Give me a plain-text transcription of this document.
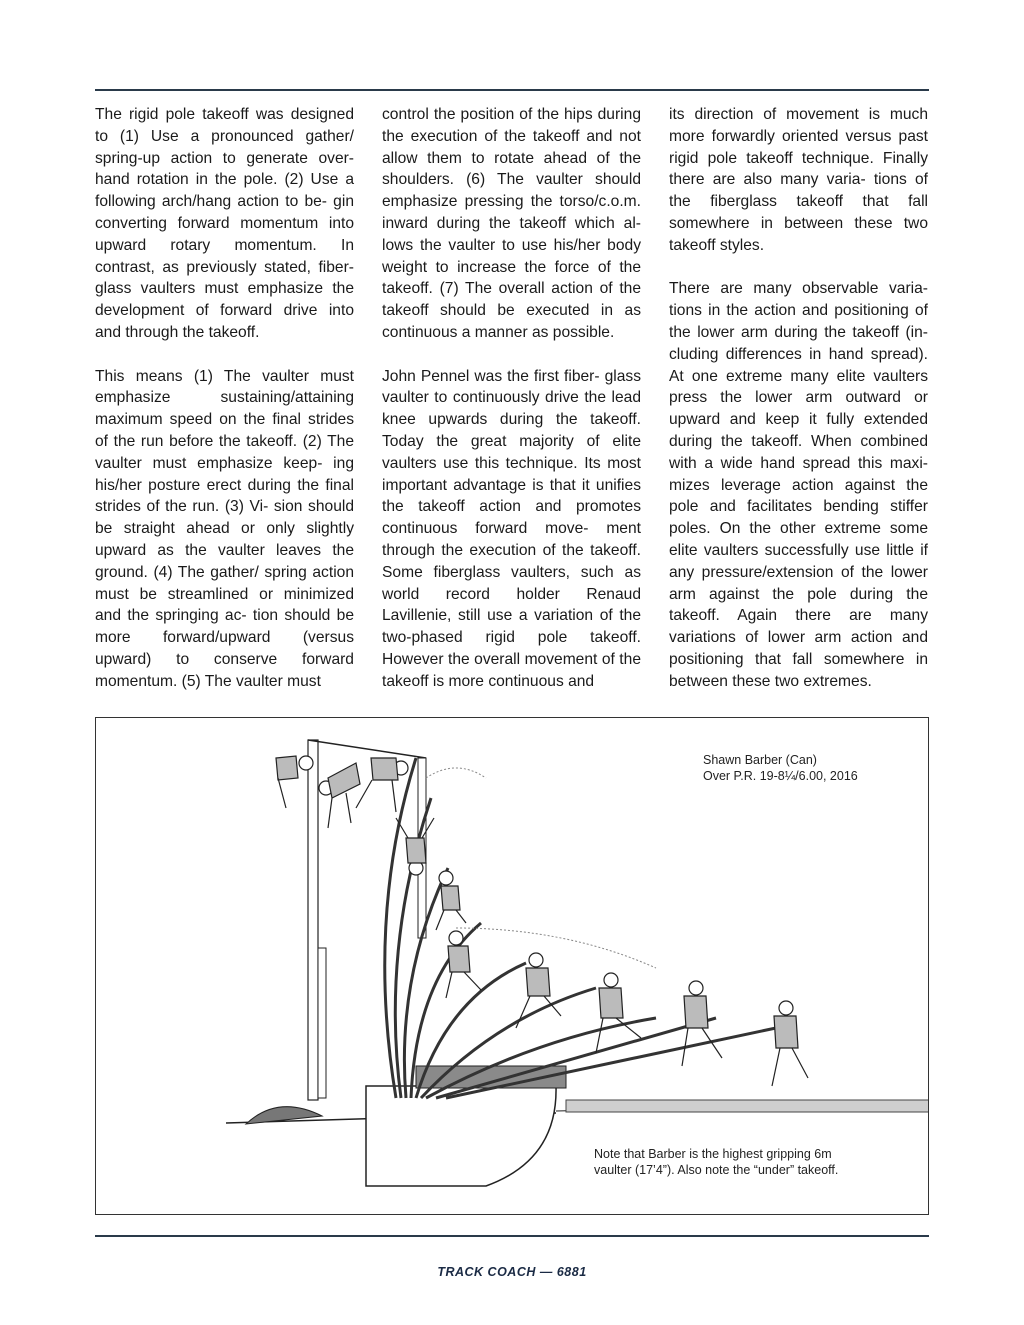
The rigid pole takeoff was designed to (1) Use a pronounced gather/ spring-up action to generate over- hand rotation in the pole. (2) Use a following arch/hang action to be- gin converting forward momentum into upward rotary momentum. In contrast, as previously stated, fiber- glass vaulters must emphasize the development of forward drive into and through the takeoff.

This means (1) The vaulter must emphasize sustaining/attaining maximum speed on the final strides of the run before the takeoff. (2) The vaulter must emphasize keep- ing his/her posture erect during the final strides of the run. (3) Vi- sion should be straight ahead or only slightly upward as the vaulter leaves the ground. (4) The gather/ spring action must be streamlined or minimized and the springing ac- tion should be more forward/upward (versus upward) to conserve forward momentum. (5) The vaulter must

control the position of the hips during the execution of the takeoff and not allow them to rotate ahead of the shoulders. (6) The vaulter should emphasize pressing the torso/c.o.m. inward during the takeoff which al- lows the vaulter to use his/her body weight to increase the force of the takeoff. (7) The overall action of the takeoff should be executed in as continuous a manner as possible.

John Pennel was the first fiber- glass vaulter to continuously drive the lead knee upwards during the takeoff. Today the great majority of elite vaulters use this technique. Its most important advantage is that it unifies the takeoff action and promotes continuous forward move- ment through the execution of the takeoff. Some fiberglass vaulters, such as world record holder Renaud Lavillenie, still use a variation of the two-phased rigid pole takeoff. However the overall movement of the takeoff is more continuous and

its direction of movement is much more forwardly oriented versus past rigid pole takeoff technique. Finally there are also many varia- tions of the fiberglass takeoff that fall somewhere in between these two takeoff styles.

There are many observable varia- tions in the action and positioning of the lower arm during the takeoff (in- cluding differences in hand spread). At one extreme many elite vaulters press the lower arm outward or upward and keep it fully extended during the takeoff. When combined with a wide hand spread this maxi- mizes leverage action against the pole and facilitates bending stiffer poles. On the other extreme some elite vaulters successfully use little if any pressure/extension of the lower arm against the pole during the takeoff. Again there are many variations of lower arm action and positioning that fall somewhere in between these two extremes.

Shawn Barber (Can)
Over P.R. 19-8¼/6.00, 2016
Note that Barber is the highest gripping 6m
vaulter (17’4”). Also note the “under” takeoff.
TRACK COACH — 6881
